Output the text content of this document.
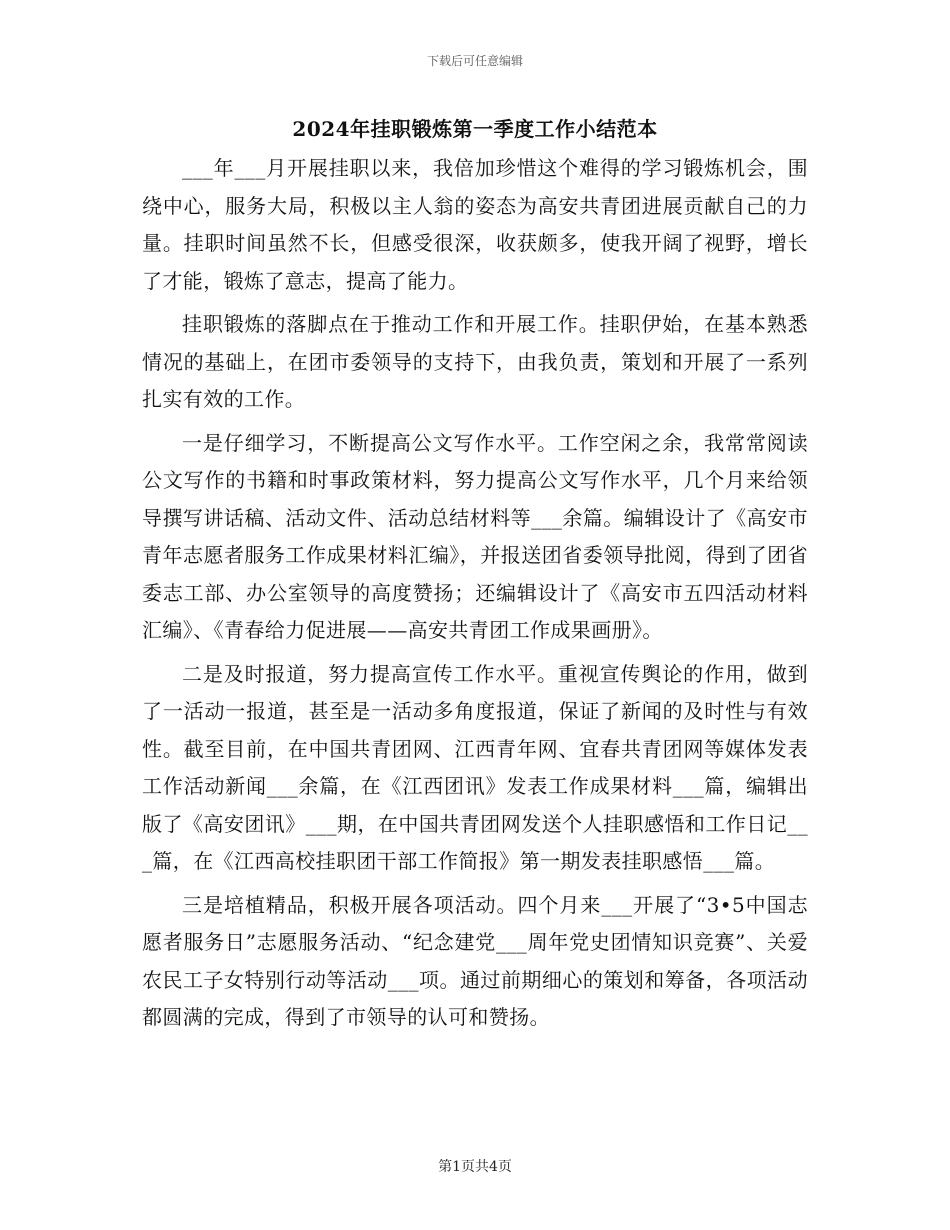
下载后可任意编辑
2024年挂职锻炼第一季度工作小结范本

___年___月开展挂职以来，我倍加珍惜这个难得的学习锻炼机会，围绕中心，服务大局，积极以主人翁的姿态为高安共青团进展贡献自己的力量。挂职时间虽然不长，但感受很深，收获颇多，使我开阔了视野，增长了才能，锻炼了意志，提高了能力。

挂职锻炼的落脚点在于推动工作和开展工作。挂职伊始，在基本熟悉情况的基础上，在团市委领导的支持下，由我负责，策划和开展了一系列扎实有效的工作。

一是仔细学习，不断提高公文写作水平。工作空闲之余，我常常阅读公文写作的书籍和时事政策材料，努力提高公文写作水平，几个月来给领导撰写讲话稿、活动文件、活动总结材料等___余篇。编辑设计了《高安市青年志愿者服务工作成果材料汇编》，并报送团省委领导批阅，得到了团省委志工部、办公室领导的高度赞扬；还编辑设计了《高安市五四活动材料汇编》、《青春给力促进展——高安共青团工作成果画册》。

二是及时报道，努力提高宣传工作水平。重视宣传舆论的作用，做到了一活动一报道，甚至是一活动多角度报道，保证了新闻的及时性与有效性。截至目前，在中国共青团网、江西青年网、宜春共青团网等媒体发表工作活动新闻___余篇，在《江西团讯》发表工作成果材料___篇，编辑出版了《高安团讯》___期，在中国共青团网发送个人挂职感悟和工作日记___篇，在《江西高校挂职团干部工作简报》第一期发表挂职感悟___篇。

三是培植精品，积极开展各项活动。四个月来___开展了“3•5中国志愿者服务日”志愿服务活动、“纪念建党___周年党史团情知识竞赛”、关爱农民工子女特别行动等活动___项。通过前期细心的策划和筹备，各项活动都圆满的完成，得到了市领导的认可和赞扬。

第1页共4页
